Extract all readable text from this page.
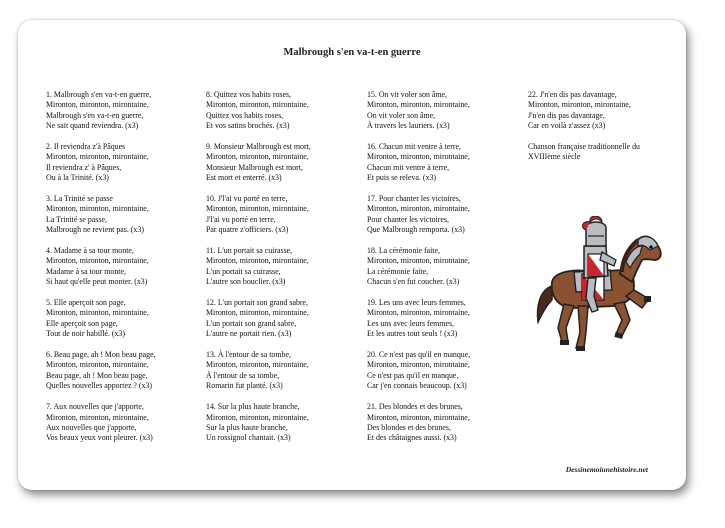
Malbrough s'en va-t-en guerre
1. Malbrough s'en va-t-en guerre,
Mironton, mironton, mirontaine,
Malbrough s'en va-t-en guerre,
Ne sait quand reviendra. (x3)
2. Il reviendra z'à Pâques
Mironton, mironton, mirontaine,
Il reviendra z' à Pâques,
Ou à la Trinité. (x3)
3. La Trinité se passe
Mironton, mironton, mirontaine,
La Trinité se passe,
Malbrough ne revient pas. (x3)
4. Madame à sa tour monte,
Mironton, mironton, mirontaine,
Madame à sa tour monte,
Si haut qu'elle peut monter. (x3)
5. Elle aperçoit son page,
Mironton, mironton, mirontaine,
Elle aperçoit son page,
Tout de noir habillé. (x3)
6. Beau page, ah ! Mon beau page,
Mironton, mironton, mirontaine,
Beau page, ah ! Mon beau page,
Quelles nouvelles apportez ? (x3)
7. Aux nouvelles que j'apporte,
Mironton, mironton, mirontaine,
Aux nouvelles que j'apporte,
Vos beaux yeux vont pleurer. (x3)
8. Quittez vos habits roses,
Mironton, mironton, mirontaine,
Quittez vos habits roses,
Et vos satins brochés. (x3)
9. Monsieur Malbrough est mort,
Mironton, mironton, mirontaine,
Monsieur Malbrough est mort,
Est mort et enterré. (x3)
10. J'l'ai vu porté en terre,
Mironton, mironton, mirontaine,
J'l'ai vu porté en terre,
Par quatre z'officiers. (x3)
11. L'un portait sa cuirasse,
Mironton, mironton, mirontaine,
L'un portait sa cuirasse,
L'autre son bouclier. (x3)
12. L'un portait son grand sabre,
Mironton, mironton, mirontaine,
L'un portait son grand sabre,
L'autre ne portait rien. (x3)
13. À l'entour de sa tombe,
Mironton, mironton, mirontaine,
À l'entour de sa tombe,
Romarin fut planté. (x3)
14. Sur la plus haute branche,
Mironton, mironton, mirontaine,
Sur la plus haute branche,
Un rossignol chantait. (x3)
15. On vit voler son âme,
Mironton, mironton, mirontaine,
On vit voler son âme,
À travers les lauriers. (x3)
16. Chacun mit ventre à terre,
Mironton, mironton, mirontaine,
Chacun mit ventre à terre,
Et puis se releva. (x3)
17. Pour chanter les victoires,
Mironton, mironton, mirontaine,
Pour chanter les victoires,
Que Malbrough remporta. (x3)
18. La cérémonie faite,
Mironton, mironton, mirontaine,
La cérémonie faite,
Chacun s'en fut coucher. (x3)
19. Les uns avec leurs femmes,
Mironton, mironton, mirontaine,
Les uns avec leurs femmes,
Et les autres tout seuls ! (x3)
20. Ce n'est pas qu'il en manque,
Mironton, mironton, mirontaine,
Ce n'est pas qu'il en manque,
Car j'en connais beaucoup. (x3)
21. Des blondes et des brunes,
Mironton, mironton, mirontaine,
Des blondes et des brunes,
Et des châtaignes aussi. (x3)
22. J'n'en dis pas davantage,
Mironton, mironton, mirontaine,
J'n'en dis pas davantage,
Car en voilà z'assez (x3)
Chanson française traditionnelle du
XVIIIème siècle
Dessinemoiunehistoire.net
